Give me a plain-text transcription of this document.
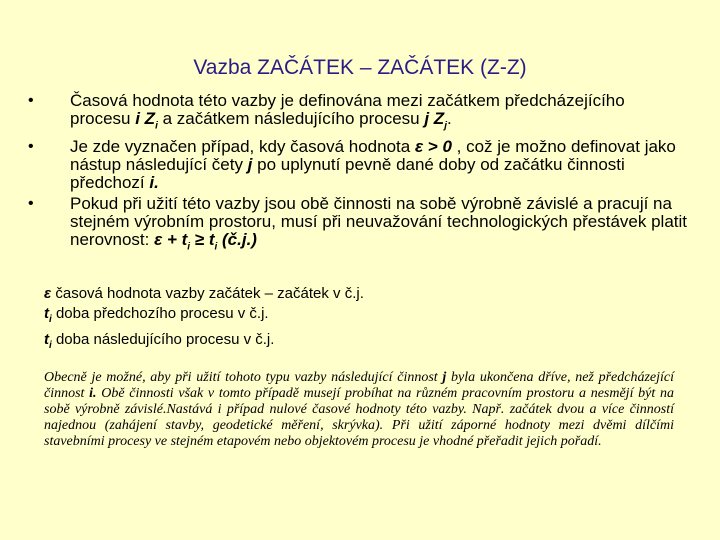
Vazba ZAČÁTEK – ZAČÁTEK (Z-Z)
• Časová hodnota této vazby je definována mezi začátkem předcházejícího procesu i $Z_i$ a začátkem následujícího procesu j $Z_j$.
• Je zde vyznačen případ, kdy časová hodnota ε > 0 , což je možno definovat jako nástup následující čety j po uplynutí pevně dané doby od začátku činnosti předchozí i.
• Pokud při užití této vazby jsou obě činnosti na sobě výrobně závislé a pracují na stejném výrobním prostoru, musí při neuvažování technologických přestávek platit nerovnost: $\varepsilon + t_i \ge t_i$ (č.j.)
ε časová hodnota vazby začátek – začátek v č.j.
$t_i$ doba předchozího procesu v č.j.
$t_i$ doba následujícího procesu v č.j.
Obecně je možné, aby při užití tohoto typu vazby následující činnost j byla ukončena dříve, než předcházející činnost i. Obě činnosti však v tomto případě musejí probíhat na různém pracovním prostoru a nesmějí být na sobě výrobně závislé.Nastává i případ nulové časové hodnoty této vazby. Např. začátek dvou a více činností najednou (zahájení stavby, geodetické měření, skrývka). Při užití záporné hodnoty mezi dvěmi dílčími stavebními procesy ve stejném etapovém nebo objektovém procesu je vhodné přeřadit jejich pořadí.
